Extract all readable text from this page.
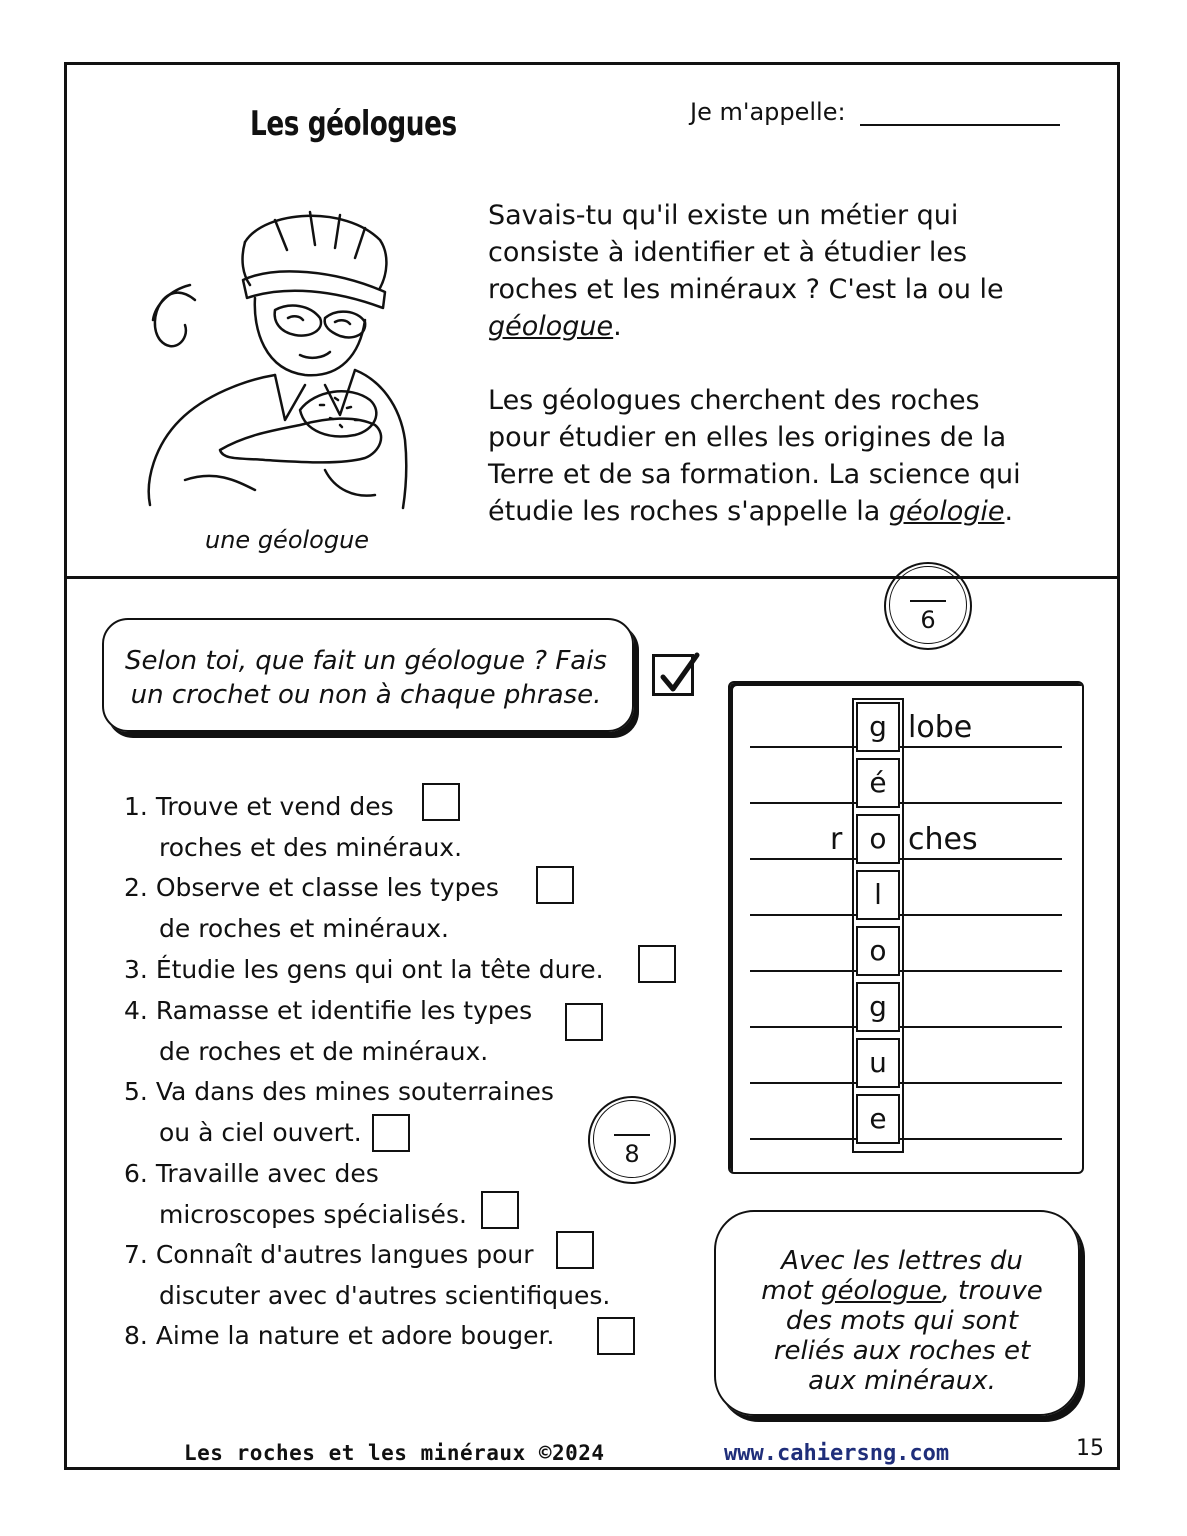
Les géologues	Je m'appelle:
une géologue
Savais-tu qu'il existe un métier qui
consiste à identifier et à étudier les
roches et les minéraux ? C'est la ou le
géologue.
Les géologues cherchent des roches
pour étudier en elles les origines de la
Terre et de sa formation. La science qui
étudie les roches s'appelle la géologie.
6
8
Selon toi, que fait un géologue ? Fais
un crochet ou non à chaque phrase.
1. Trouve et vend des
roches et des minéraux.
2. Observe et classe les types
de roches et minéraux.
3. Étudie les gens qui ont la tête dure.
4. Ramasse et identifie les types
de roches et de minéraux.
5. Va dans des mines souterraines
ou à ciel ouvert.
6. Travaille avec des
microscopes spécialisés.
7. Connaît d'autres langues pour
discuter avec d'autres scientifiques.
8. Aime la nature et adore bouger.
g
é
o
l
o
g
u
e
lobe
r ches
Avec les lettres du
mot géologue, trouve
des mots qui sont
reliés aux roches et
aux minéraux.
Les roches et les minéraux ©2024	www.cahiersng.com	15
